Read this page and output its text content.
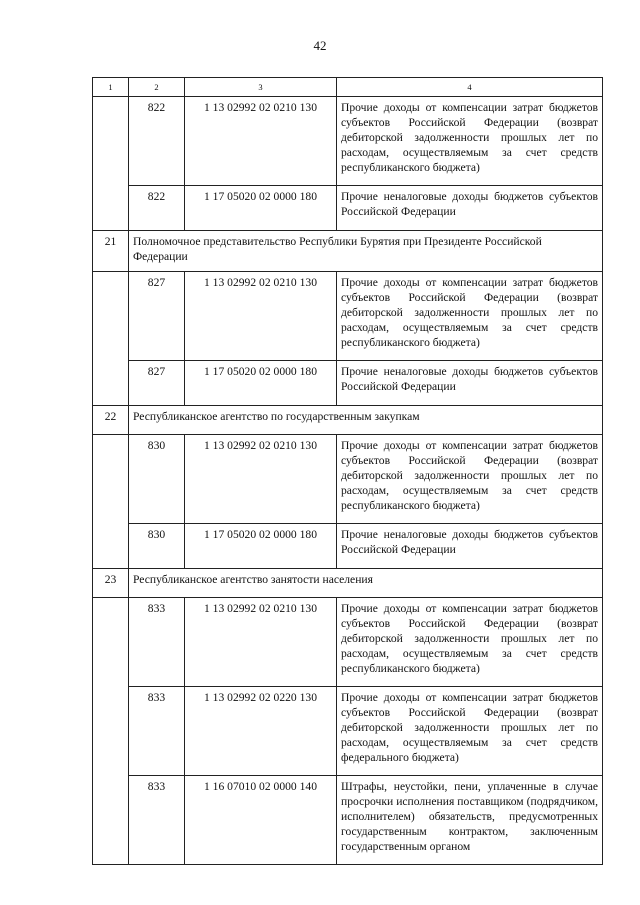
42
1	2	3	4
	822	1 13 02992 02 0210 130	Прочие доходы от компенсации затрат бюджетов субъектов Российской Федерации (возврат дебиторской задолженности прошлых лет по расходам, осуществляемым за счет средств республиканского бюджета)
	822	1 17 05020 02 0000 180	Прочие неналоговые доходы бюджетов субъектов Российской Федерации
21	Полномочное представительство Республики Бурятия при Президенте Российской Федерации		
	827	1 13 02992 02 0210 130	Прочие доходы от компенсации затрат бюджетов субъектов Российской Федерации (возврат дебиторской задолженности прошлых лет по расходам, осуществляемым за счет средств республиканского бюджета)
	827	1 17 05020 02 0000 180	Прочие неналоговые доходы бюджетов субъектов Российской Федерации
22	Республиканское агентство по государственным закупкам		
	830	1 13 02992 02 0210 130	Прочие доходы от компенсации затрат бюджетов субъектов Российской Федерации (возврат дебиторской задолженности прошлых лет по расходам, осуществляемым за счет средств республиканского бюджета)
	830	1 17 05020 02 0000 180	Прочие неналоговые доходы бюджетов субъектов Российской Федерации
23	Республиканское агентство занятости населения		
	833	1 13 02992 02 0210 130	Прочие доходы от компенсации затрат бюджетов субъектов Российской Федерации (возврат дебиторской задолженности прошлых лет по расходам, осуществляемым за счет средств республиканского бюджета)
	833	1 13 02992 02 0220 130	Прочие доходы от компенсации затрат бюджетов субъектов Российской Федерации (возврат дебиторской задолженности прошлых лет по расходам, осуществляемым за счет средств федерального бюджета)
	833	1 16 07010 02 0000 140	Штрафы, неустойки, пени, уплаченные в случае просрочки исполнения поставщиком (подрядчиком, исполнителем) обязательств, предусмотренных государственным контрактом, заключенным государственным органом
